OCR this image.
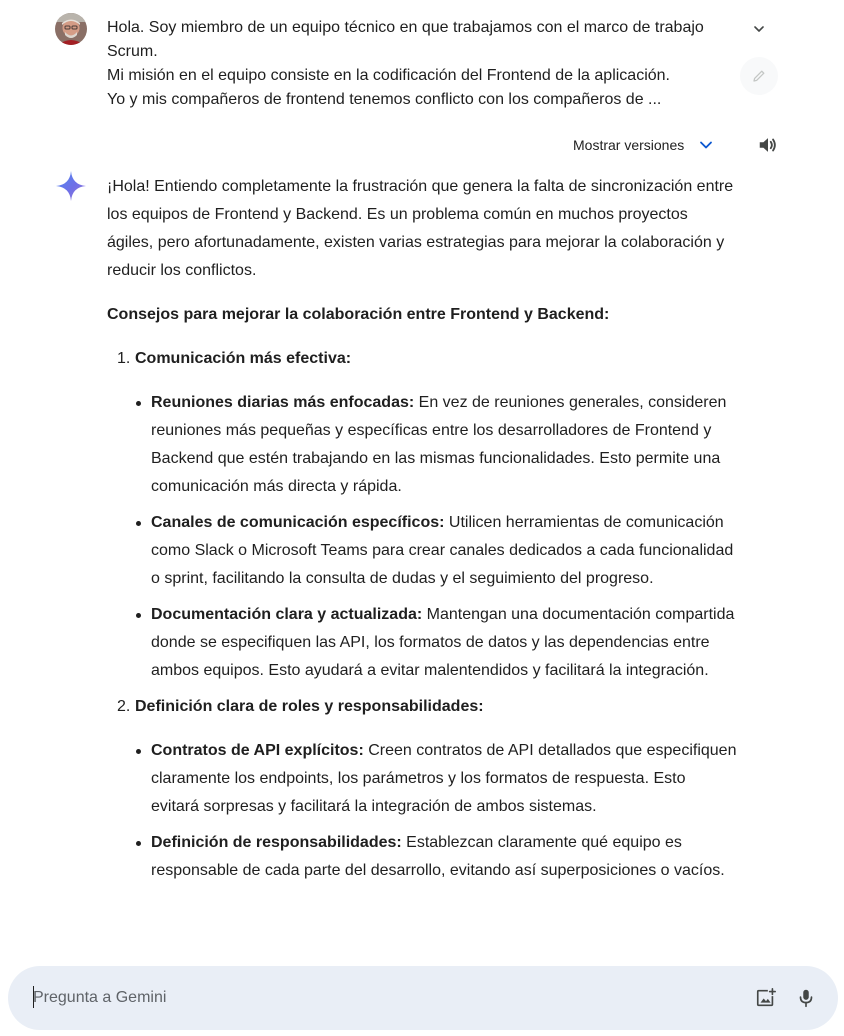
Hola. Soy miembro de un equipo técnico en que trabajamos con el marco de trabajo
Scrum.
Mi misión en el equipo consiste en la codificación del Frontend de la aplicación.
Yo y mis compañeros de frontend tenemos conflicto con los compañeros de ...
Mostrar versiones

¡Hola! Entiendo completamente la frustración que genera la falta de sincronización entre los equipos de Frontend y Backend. Es un problema común en muchos proyectos ágiles, pero afortunadamente, existen varias estrategias para mejorar la colaboración y reducir los conflictos.

Consejos para mejorar la colaboración entre Frontend y Backend:

1. Comunicación más efectiva:
Reuniones diarias más enfocadas: En vez de reuniones generales, consideren reuniones más pequeñas y específicas entre los desarrolladores de Frontend y Backend que estén trabajando en las mismas funcionalidades. Esto permite una comunicación más directa y rápida.
Canales de comunicación específicos: Utilicen herramientas de comunicación como Slack o Microsoft Teams para crear canales dedicados a cada funcionalidad o sprint, facilitando la consulta de dudas y el seguimiento del progreso.
Documentación clara y actualizada: Mantengan una documentación compartida donde se especifiquen las API, los formatos de datos y las dependencias entre ambos equipos. Esto ayudará a evitar malentendidos y facilitará la integración.
2. Definición clara de roles y responsabilidades:
Contratos de API explícitos: Creen contratos de API detallados que especifiquen claramente los endpoints, los parámetros y los formatos de respuesta. Esto evitará sorpresas y facilitará la integración de ambos sistemas.
Definición de responsabilidades: Establezcan claramente qué equipo es responsable de cada parte del desarrollo, evitando así superposiciones o vacíos.
Pregunta a Gemini
